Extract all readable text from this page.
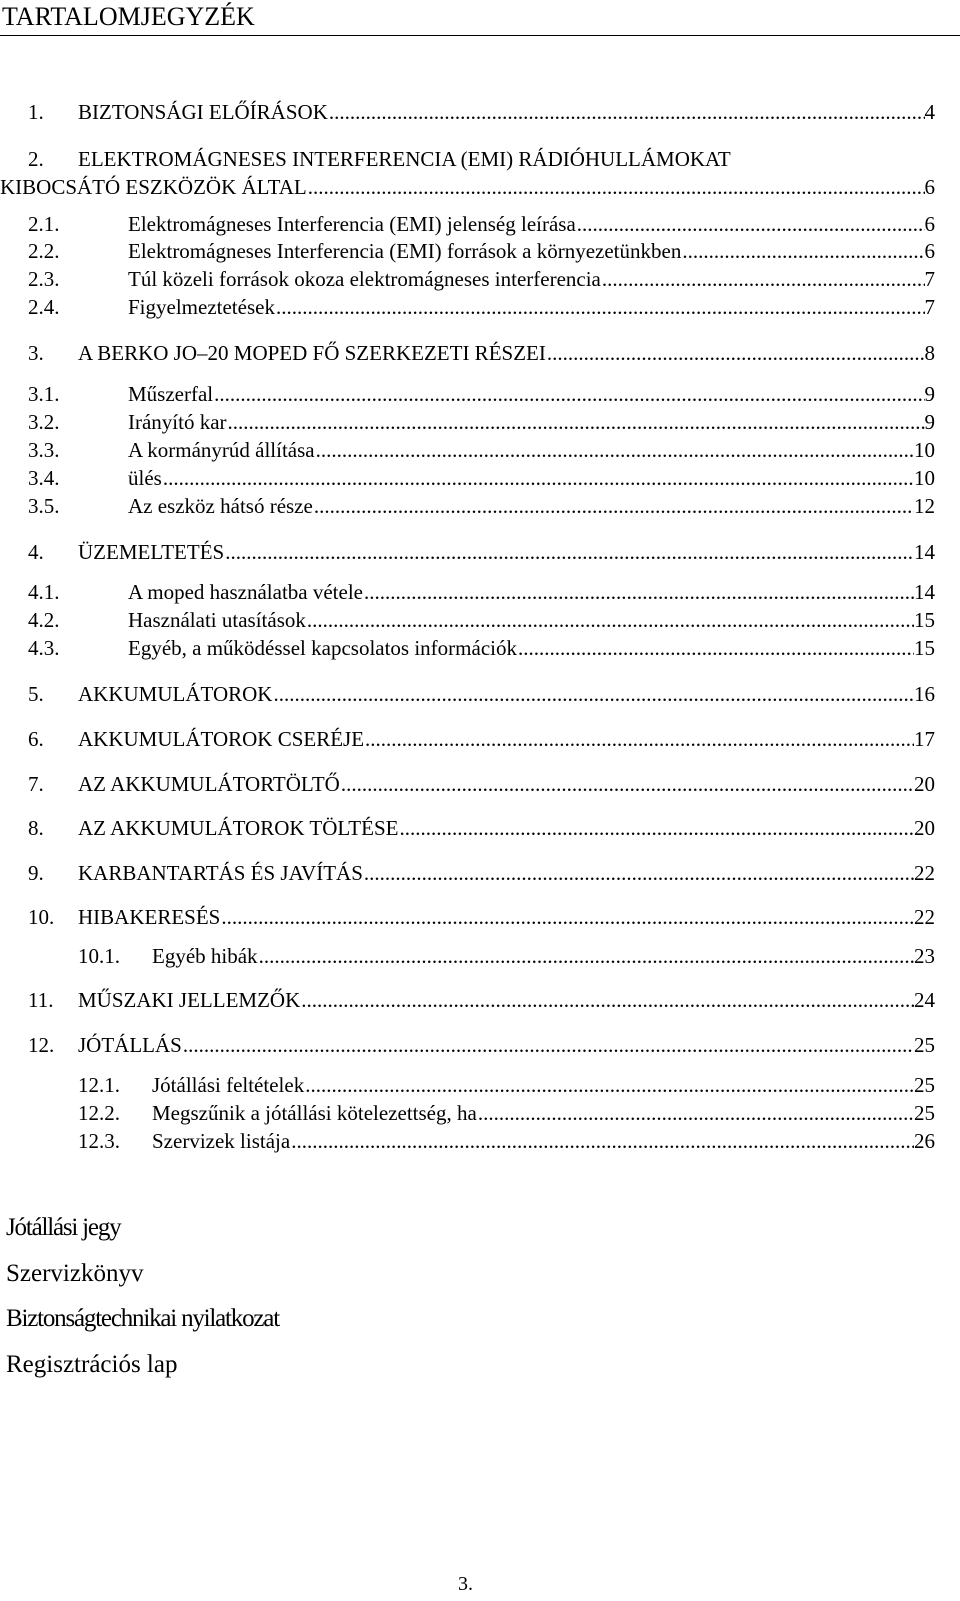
TARTALOMJEGYZÉK
1. BIZTONSÁGI ELŐÍRÁSOK .....	4
2. ELEKTROMÁGNESES INTERFERENCIA (EMI) RÁDIÓHULLÁMOKAT
KIBOCSÁTÓ ESZKÖZÖK ÁLTAL .....	6
2.1.	Elektromágneses Interferencia (EMI) jelenség leírása .....	6
2.2.	Elektromágneses Interferencia (EMI) források a környezetünkben .....	6
2.3.	Túl közeli források okoza elektromágneses interferencia .....	7
2.4.	Figyelmeztetések .....	7
3. A BERKO JO–20 MOPED FŐ SZERKEZETI RÉSZEI .....	8
3.1.	Műszerfal .....	9
3.2.	Irányító kar .....	9
3.3.	A kormányrúd állítása .....	10
3.4.	ülés .....	10
3.5.	Az eszköz hátsó része .....	12
4. ÜZEMELTETÉS .....	14
4.1.	A moped használatba vétele .....	14
4.2.	Használati utasítások .....	15
4.3.	Egyéb, a működéssel kapcsolatos információk .....	15
5. AKKUMULÁTOROK .....	16
6. AKKUMULÁTOROK CSERÉJE .....	17
7. AZ AKKUMULÁTORTÖLTŐ .....	20
8. AZ AKKUMULÁTOROK TÖLTÉSE .....	20
9. KARBANTARTÁS ÉS JAVÍTÁS .....	22
10. HIBAKERESÉS .....	22
10.1. Egyéb hibák .....	23
11. MŰSZAKI JELLEMZŐK .....	24
12. JÓTÁLLÁS .....	25
12.1. Jótállási feltételek .....	25
12.2. Megszűnik a jótállási kötelezettség, ha .....	25
12.3. Szervizek listája .....	26
Jótállási jegy
Szervizkönyv
Biztonságtechnikai nyilatkozat
Regisztrációs lap
3.
